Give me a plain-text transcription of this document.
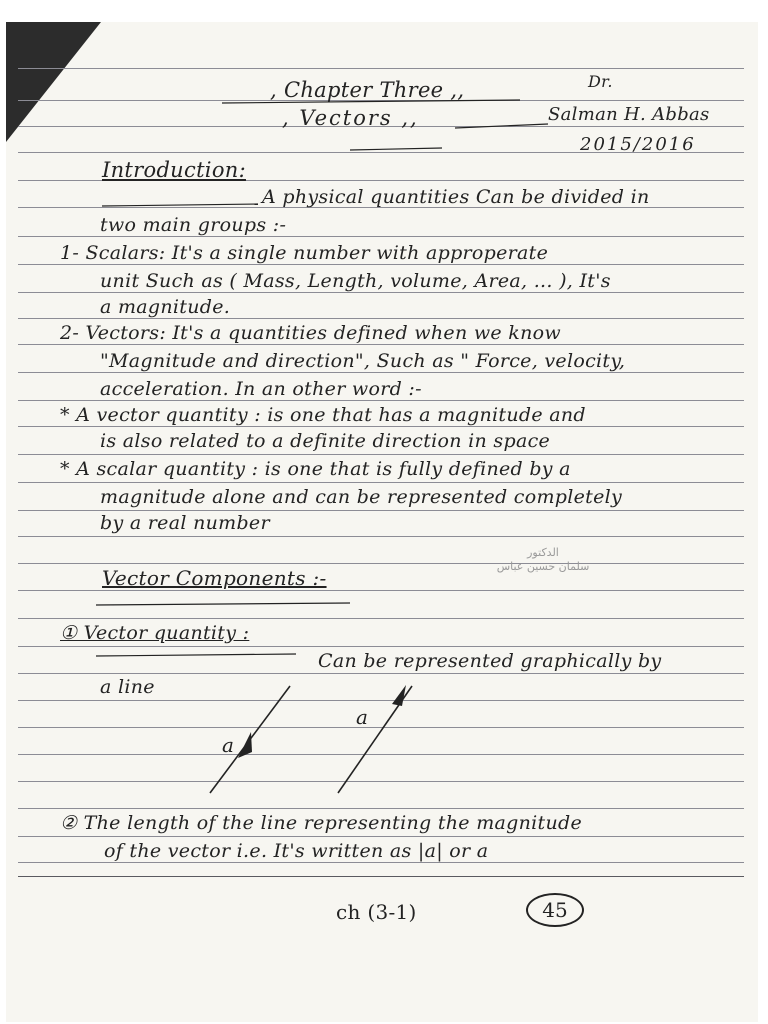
, Chapter Three ,,	Dr.
, Vectors ,,	Salman H. Abbas
2015/2016
Introduction:
A physical quantities Can be divided in
two main groups :-
1- Scalars: It's a single number with approperate
unit Such as ( Mass, Length, volume, Area, ... ), It's
a magnitude.
2- Vectors: It's a quantities defined when we know
"Magnitude and direction", Such as " Force, velocity,
acceleration. In an other word :-
* A vector quantity : is one that has a magnitude and
is also related to a definite direction in space
* A scalar quantity : is one that is fully defined by a
magnitude alone and can be represented completely
by a real number
Vector Components :-
① Vector quantity :
Can be represented graphically by
a line
② The length of the line representing the magnitude
of the vector i.e. It's written as |a| or a
الدكتور
سلمان حسين عباس
a
a
ch (3-1)	45
